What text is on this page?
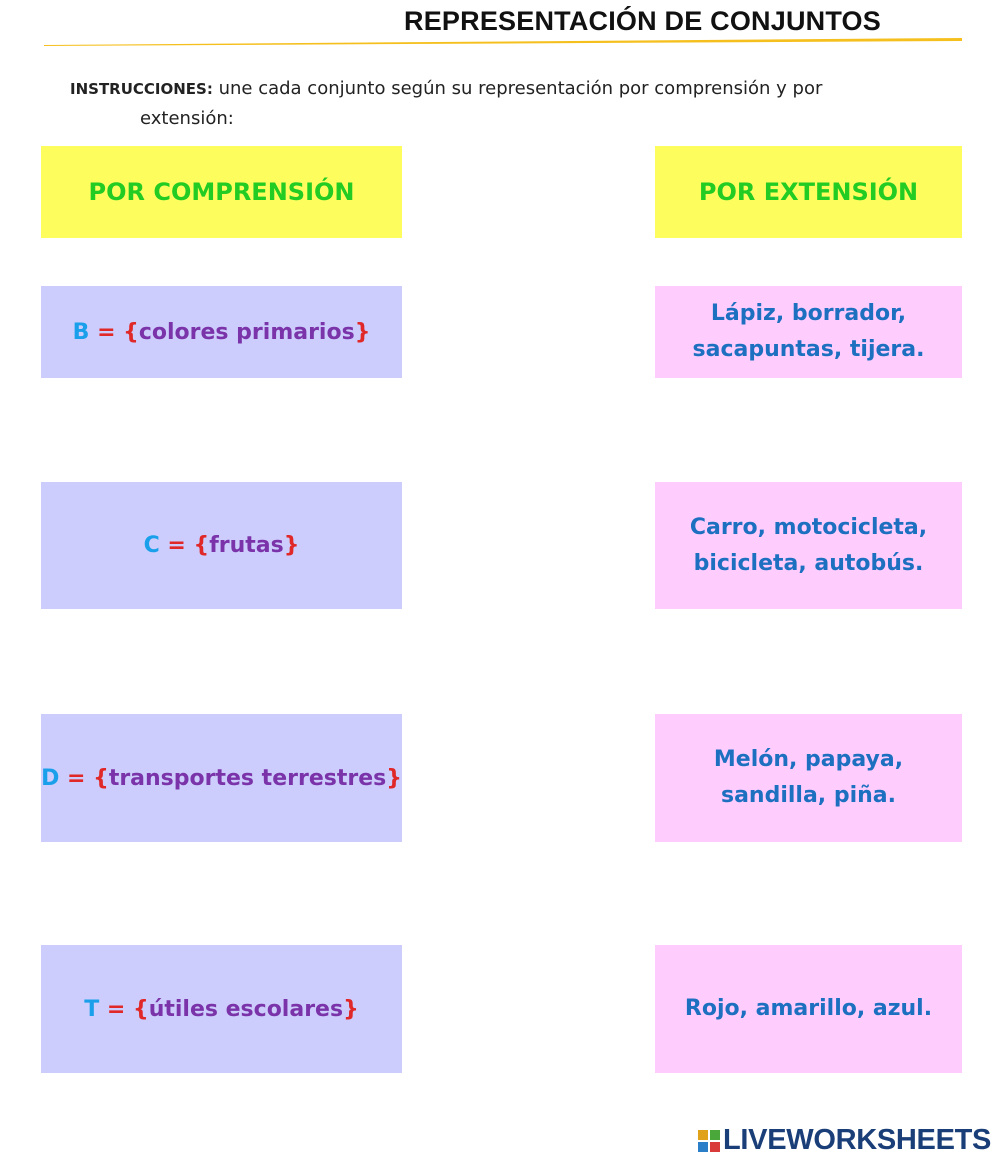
REPRESENTACIÓN DE CONJUNTOS
INSTRUCCIONES: une cada conjunto según su representación por comprensión y por
extensión:
POR COMPRENSIÓN	POR EXTENSIÓN
B = {colores primarios}
C = {frutas}
D = {transportes terrestres}
T = {útiles escolares}
Lápiz, borrador,
sacapuntas, tijera.
Carro, motocicleta,
bicicleta, autobús.
Melón, papaya,
sandilla, piña.
Rojo, amarillo, azul.
LIVEWORKSHEETS
